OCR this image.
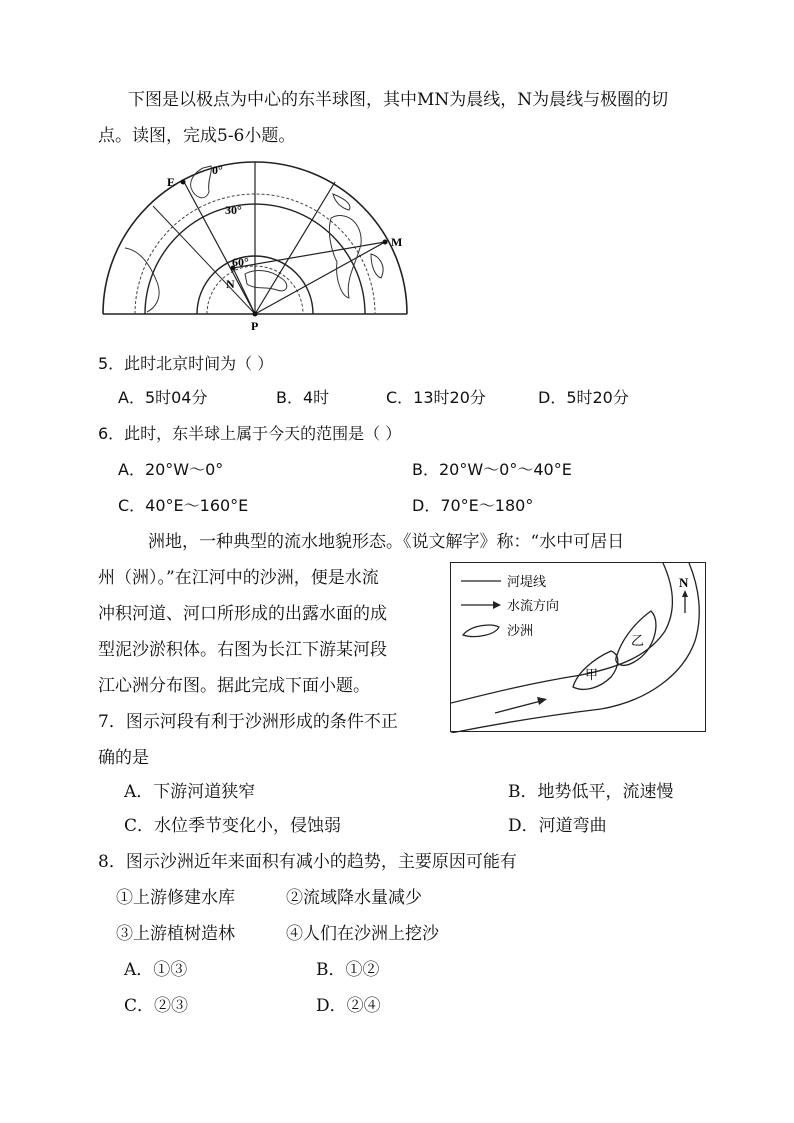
下图是以极点为中心的东半球图，其中MN为晨线，N为晨线与极圈的切
点。读图，完成5-6小题。
0°
30°
60°
E
M
N
P
5．此时北京时间为（ ）
A．5时04分	B．4时	C．13时20分	D．5时20分
6．此时，东半球上属于今天的范围是（ ）
A．20°W～0°	B．20°W～0°～40°E
C．40°E～160°E	D．70°E～180°
洲地，一种典型的流水地貌形态。《说文解字》称：“水中可居日
州（洲）。”在江河中的沙洲，便是水流
冲积河道、河口所形成的出露水面的成
型泥沙淤积体。右图为长江下游某河段
江心洲分布图。据此完成下面小题。
河堤线
水流方向
沙洲
N
甲
乙
7．图示河段有利于沙洲形成的条件不正
确的是
A．下游河道狭窄	B．地势低平，流速慢
C．水位季节变化小，侵蚀弱	D．河道弯曲
8．图示沙洲近年来面积有减小的趋势，主要原因可能有
①上游修建水库	②流域降水量减少
③上游植树造林	④人们在沙洲上挖沙
A．①③	B．①②
C．②③	D．②④
